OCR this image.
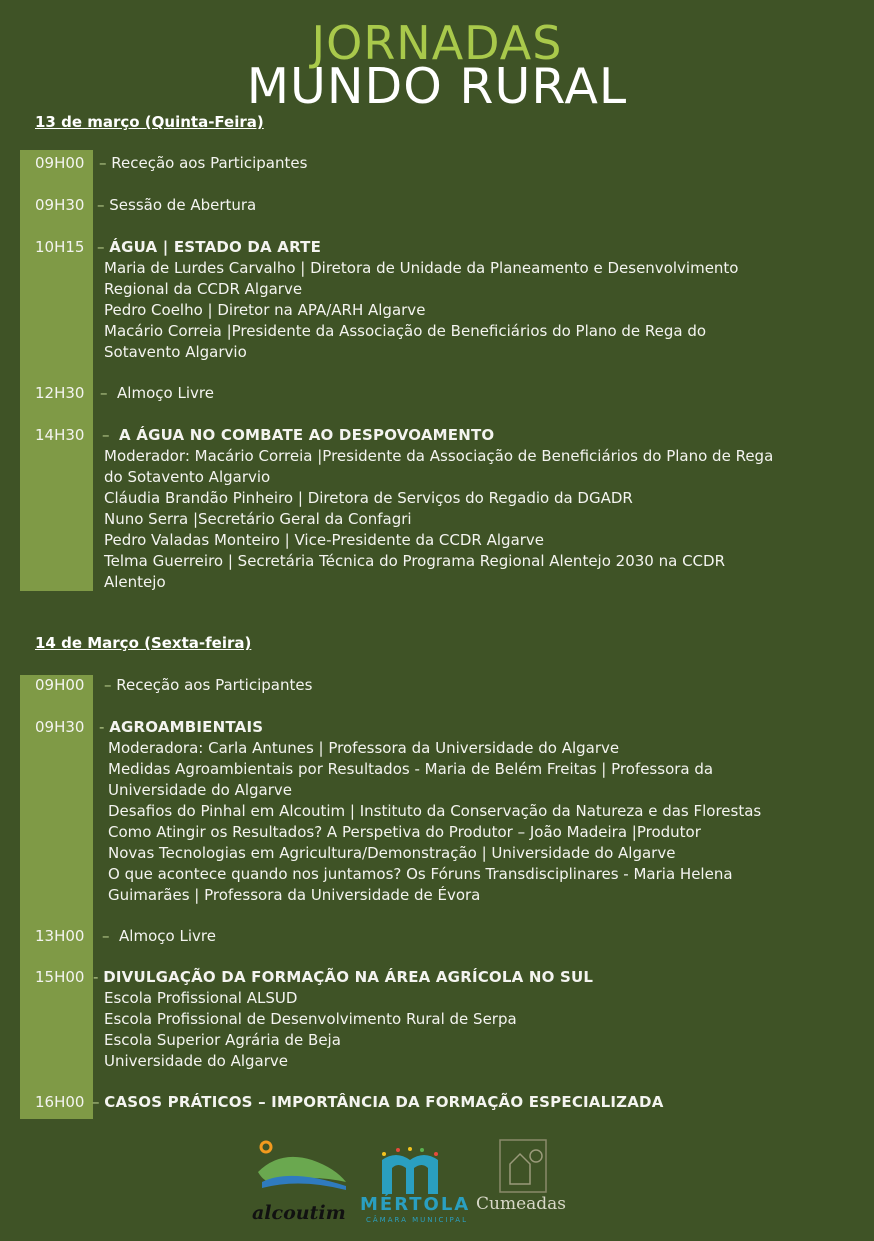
JORNADAS
MUNDO RURAL
13 de março (Quinta-Feira)
09H00 – Receção aos Participantes
09H30 – Sessão de Abertura
10H15 – ÁGUA | ESTADO DA ARTE
Maria de Lurdes Carvalho | Diretora de Unidade da Planeamento e Desenvolvimento
Regional da CCDR Algarve
Pedro Coelho | Diretor na APA/ARH Algarve
Macário Correia |Presidente da Associação de Beneficiários do Plano de Rega do
Sotavento Algarvio
12H30 – Almoço Livre
14H30 – A ÁGUA NO COMBATE AO DESPOVOAMENTO
Moderador: Macário Correia |Presidente da Associação de Beneficiários do Plano de Rega
do Sotavento Algarvio
Cláudia Brandão Pinheiro | Diretora de Serviços do Regadio da DGADR
Nuno Serra |Secretário Geral da Confagri
Pedro Valadas Monteiro | Vice-Presidente da CCDR Algarve
Telma Guerreiro | Secretária Técnica do Programa Regional Alentejo 2030 na CCDR
Alentejo
14 de Março (Sexta-feira)
09H00 – Receção aos Participantes
09H30 - AGROAMBIENTAIS
Moderadora: Carla Antunes | Professora da Universidade do Algarve
Medidas Agroambientais por Resultados - Maria de Belém Freitas | Professora da
Universidade do Algarve
Desafios do Pinhal em Alcoutim | Instituto da Conservação da Natureza e das Florestas
Como Atingir os Resultados? A Perspetiva do Produtor – João Madeira |Produtor
Novas Tecnologias em Agricultura/Demonstração | Universidade do Algarve
O que acontece quando nos juntamos? Os Fóruns Transdisciplinares - Maria Helena
Guimarães | Professora da Universidade de Évora
13H00 – Almoço Livre
15H00 - DIVULGAÇÃO DA FORMAÇÃO NA ÁREA AGRÍCOLA NO SUL
Escola Profissional ALSUD
Escola Profissional de Desenvolvimento Rural de Serpa
Escola Superior Agrária de Beja
Universidade do Algarve
16H00 – CASOS PRÁTICOS – IMPORTÂNCIA DA FORMAÇÃO ESPECIALIZADA
alcoutim MÉRTOLA
CÂMARA MUNICIPAL
Cumeadas
